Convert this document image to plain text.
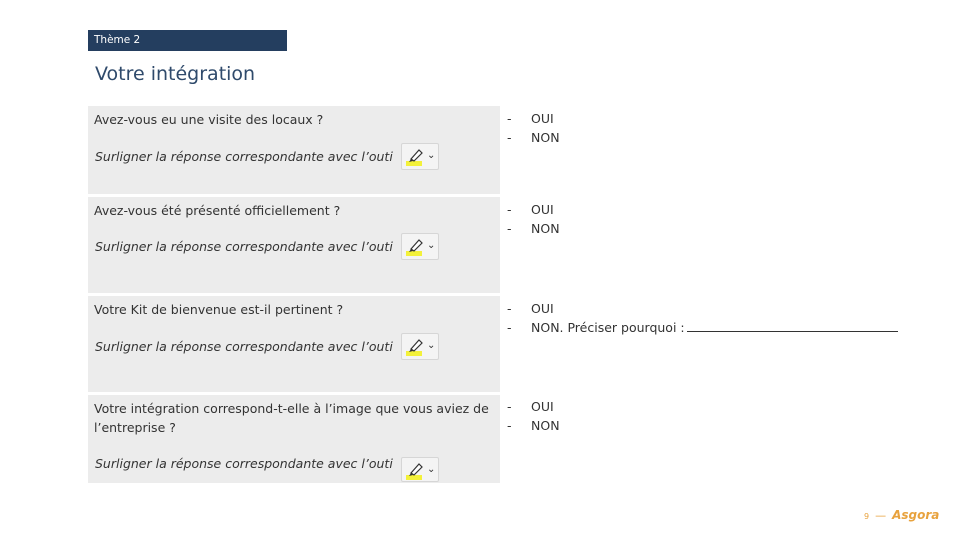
Thème 2
Votre intégration
Avez-vous eu une visite des locaux ?
Surligner la réponse correspondante avec l’outi	⌄
- OUI
- NON
Avez-vous été présenté officiellement ?
Surligner la réponse correspondante avec l’outi	⌄
- OUI
- NON
Votre Kit de bienvenue est-il pertinent ?
Surligner la réponse correspondante avec l’outi	⌄
- OUI
- NON. Préciser pourquoi :
Votre intégration correspond-t-elle à l’image que vous aviez de l’entreprise ?
Surligner la réponse correspondante avec l’outi	⌄
- OUI
- NON
9 — Asgora
